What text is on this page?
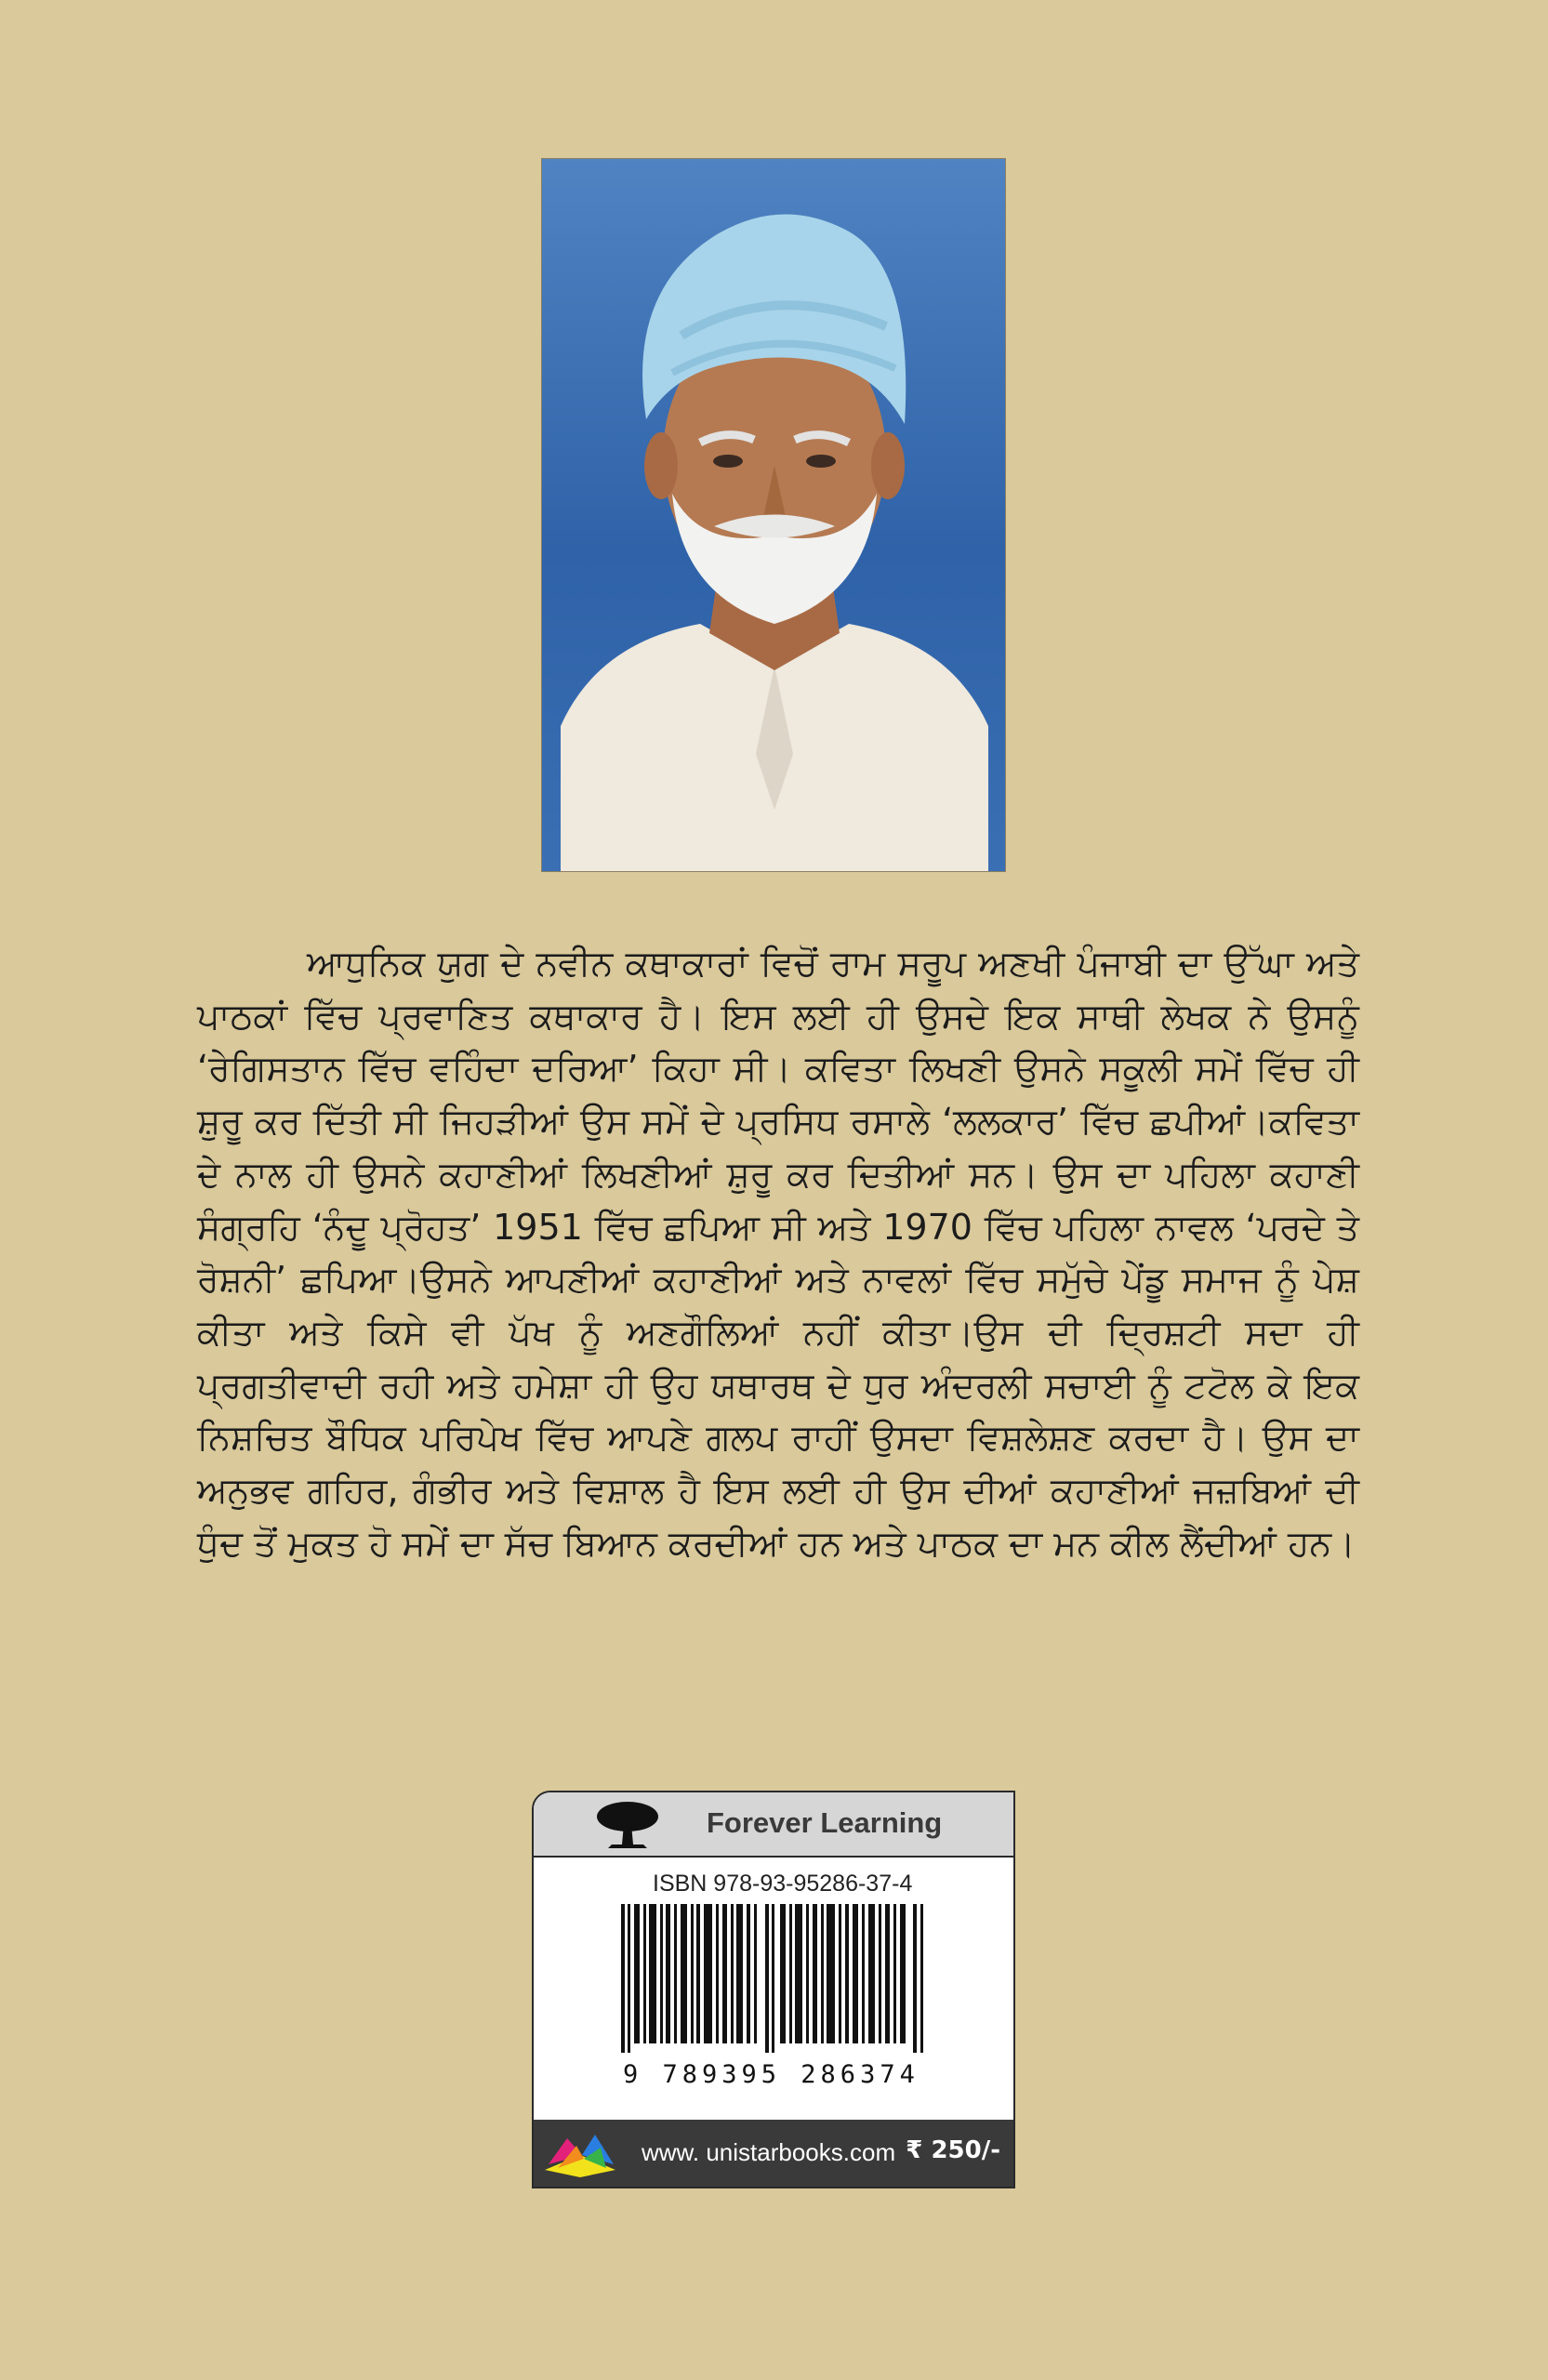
ਆਧੁਨਿਕ ਯੁਗ ਦੇ ਨਵੀਨ ਕਥਾਕਾਰਾਂ ਵਿਚੋਂ ਰਾਮ ਸਰੂਪ ਅਣਖੀ ਪੰਜਾਬੀ ਦਾ ਉੱਘਾ ਅਤੇ ਪਾਠਕਾਂ ਵਿੱਚ ਪ੍ਰਵਾਣਿਤ ਕਥਾਕਾਰ ਹੈ। ਇਸ ਲਈ ਹੀ ਉਸਦੇ ਇਕ ਸਾਥੀ ਲੇਖਕ ਨੇ ਉਸਨੂੰ ‘ਰੇਗਿਸਤਾਨ ਵਿੱਚ ਵਹਿੰਦਾ ਦਰਿਆ’ ਕਿਹਾ ਸੀ। ਕਵਿਤਾ ਲਿਖਣੀ ਉਸਨੇ ਸਕੂਲੀ ਸਮੇਂ ਵਿੱਚ ਹੀ ਸ਼ੁਰੂ ਕਰ ਦਿੱਤੀ ਸੀ ਜਿਹੜੀਆਂ ਉਸ ਸਮੇਂ ਦੇ ਪ੍ਰਸਿਧ ਰਸਾਲੇ ‘ਲਲਕਾਰ’ ਵਿੱਚ ਛਪੀਆਂ।ਕਵਿਤਾ ਦੇ ਨਾਲ ਹੀ ਉਸਨੇ ਕਹਾਣੀਆਂ ਲਿਖਣੀਆਂ ਸ਼ੁਰੂ ਕਰ ਦਿਤੀਆਂ ਸਨ। ਉਸ ਦਾ ਪਹਿਲਾ ਕਹਾਣੀ ਸੰਗ੍ਰਹਿ ‘ਨੰਦੂ ਪ੍ਰੋਹਤ’ 1951 ਵਿੱਚ ਛਪਿਆ ਸੀ ਅਤੇ 1970 ਵਿੱਚ ਪਹਿਲਾ ਨਾਵਲ ‘ਪਰਦੇ ਤੇ ਰੋਸ਼ਨੀ’ ਛਪਿਆ।ਉਸਨੇ ਆਪਣੀਆਂ ਕਹਾਣੀਆਂ ਅਤੇ ਨਾਵਲਾਂ ਵਿੱਚ ਸਮੁੱਚੇ ਪੇਂਡੂ ਸਮਾਜ ਨੂੰ ਪੇਸ਼ ਕੀਤਾ ਅਤੇ ਕਿਸੇ ਵੀ ਪੱਖ ਨੂੰ ਅਣਗੌਲਿਆਂ ਨਹੀਂ ਕੀਤਾ।ਉਸ ਦੀ ਦ੍ਰਿਸ਼ਟੀ ਸਦਾ ਹੀ ਪ੍ਰਗਤੀਵਾਦੀ ਰਹੀ ਅਤੇ ਹਮੇਸ਼ਾ ਹੀ ਉਹ ਯਥਾਰਥ ਦੇ ਧੁਰ ਅੰਦਰਲੀ ਸਚਾਈ ਨੂੰ ਟਟੋਲ ਕੇ ਇਕ ਨਿਸ਼ਚਿਤ ਬੌਧਿਕ ਪਰਿਪੇਖ ਵਿੱਚ ਆਪਣੇ ਗਲਪ ਰਾਹੀਂ ਉਸਦਾ ਵਿਸ਼ਲੇਸ਼ਣ ਕਰਦਾ ਹੈ। ਉਸ ਦਾ ਅਨੁਭਵ ਗਹਿਰ, ਗੰਭੀਰ ਅਤੇ ਵਿਸ਼ਾਲ ਹੈ ਇਸ ਲਈ ਹੀ ਉਸ ਦੀਆਂ ਕਹਾਣੀਆਂ ਜਜ਼ਬਿਆਂ ਦੀ ਧੁੰਦ ਤੋਂ ਮੁਕਤ ਹੋ ਸਮੇਂ ਦਾ ਸੱਚ ਬਿਆਨ ਕਰਦੀਆਂ ਹਨ ਅਤੇ ਪਾਠਕ ਦਾ ਮਨ ਕੀਲ ਲੈਂਦੀਆਂ ਹਨ।

Forever Learning
ISBN 978-93-95286-37-4
9 789395 286374
www. unistarbooks.com ₹ 250/-
